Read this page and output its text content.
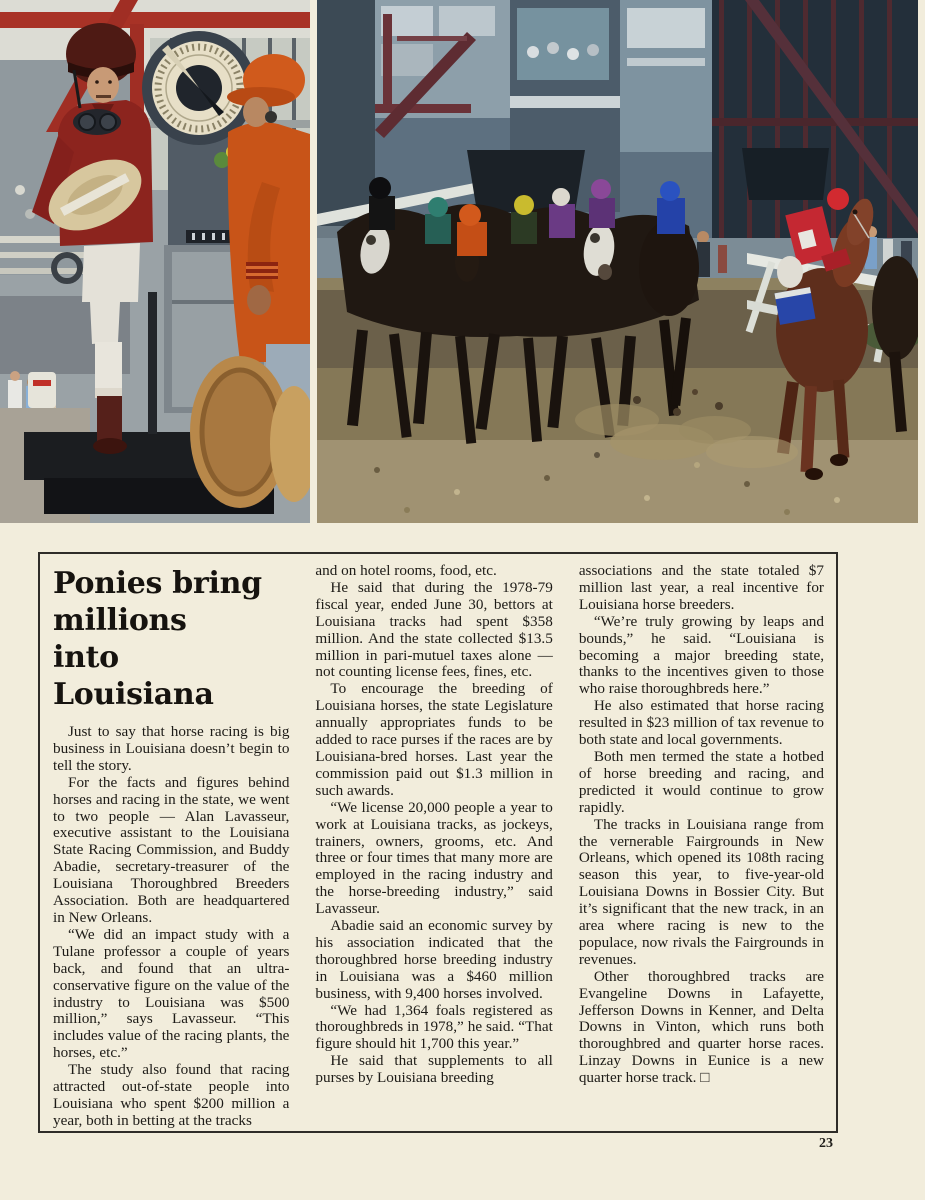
Ponies bring
millions
into
Louisiana

Just to say that horse racing is big business in Louisiana doesn’t begin to tell the story.

For the facts and figures behind horses and racing in the state, we went to two people — Alan Lavasseur, executive assistant to the Louisiana State Racing Commission, and Buddy Abadie, secretary-treasurer of the Louisiana Thoroughbred Breeders Association. Both are headquartered in New Orleans.

“We did an impact study with a Tulane professor a couple of years back, and found that an ultra-conservative figure on the value of the industry to Louisiana was $500 million,” says Lavasseur. “This includes value of the racing plants, the horses, etc.”

The study also found that racing attracted out-of-state people into Louisiana who spent $200 million a year, both in betting at the tracks

and on hotel rooms, food, etc.

He said that during the 1978-79 fiscal year, ended June 30, bettors at Louisiana tracks had spent $358 million. And the state collected $13.5 million in pari-mutuel taxes alone — not counting license fees, fines, etc.

To encourage the breeding of Louisiana horses, the state Legislature annually appropriates funds to be added to race purses if the races are by Louisiana-bred horses. Last year the commission paid out $1.3 million in such awards.

“We license 20,000 people a year to work at Louisiana tracks, as jockeys, trainers, owners, grooms, etc. And three or four times that many more are employed in the racing industry and the horse-breeding industry,” said Lavasseur.

Abadie said an economic survey by his association indicated that the thoroughbred horse breeding industry in Louisiana was a $460 million business, with 9,400 horses involved.

“We had 1,364 foals registered as thoroughbreds in 1978,” he said. “That figure should hit 1,700 this year.”

He said that supplements to all purses by Louisiana breeding

associations and the state totaled $7 million last year, a real incentive for Louisiana horse breeders.

“We’re truly growing by leaps and bounds,” he said. “Louisiana is becoming a major breeding state, thanks to the incentives given to those who raise thoroughbreds here.”

He also estimated that horse racing resulted in $23 million of tax revenue to both state and local governments.

Both men termed the state a hotbed of horse breeding and racing, and predicted it would continue to grow rapidly.

The tracks in Louisiana range from the vernerable Fairgrounds in New Orleans, which opened its 108th racing season this year, to five-year-old Louisiana Downs in Bossier City. But it’s significant that the new track, in an area where racing is new to the populace, now rivals the Fairgrounds in revenues.

Other thoroughbred tracks are Evangeline Downs in Lafayette, Jefferson Downs in Kenner, and Delta Downs in Vinton, which runs both thoroughbred and quarter horse races. Linzay Downs in Eunice is a new quarter horse track. □

23
